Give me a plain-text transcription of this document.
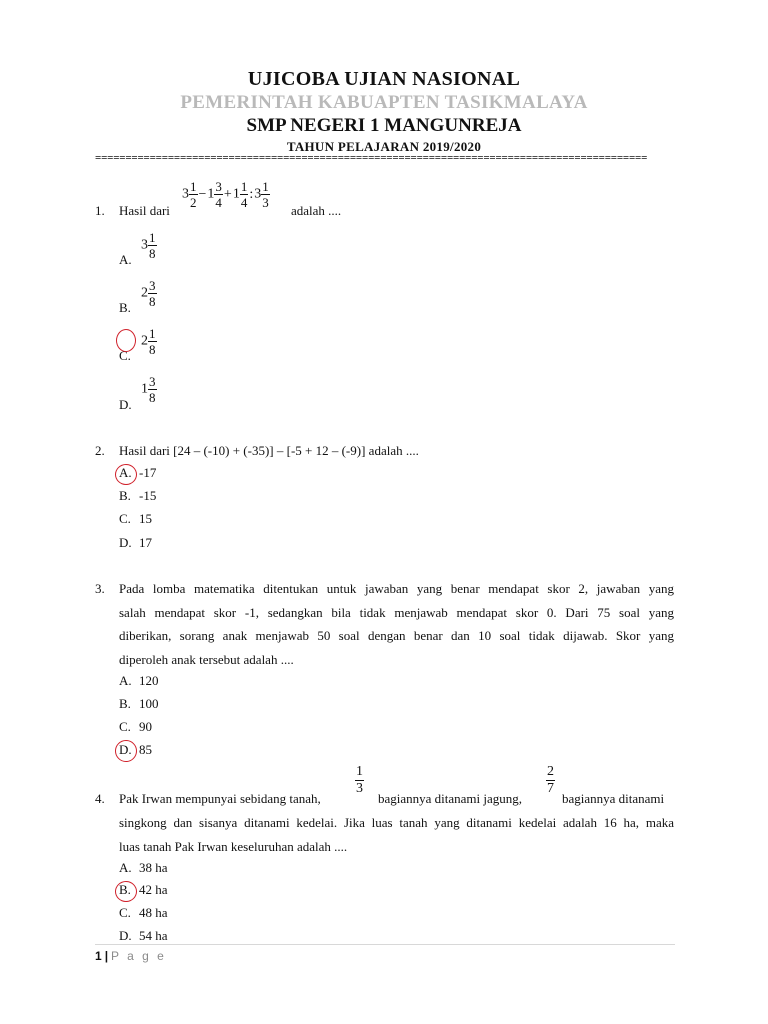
UJICOBA UJIAN NASIONAL
PEMERINTAH KABUAPTEN TASIKMALAYA
SMP NEGERI 1 MANGUNREJA
TAHUN PELAJARAN 2019/2020
===========================================================================================
1. Hasil dari
$3 \frac{1}{2} -1 \frac{3}{4} +1 \frac{1}{4}$ :3 $\frac{1}{3}$
adalah ....
A.
$3 \frac{1}{8}$
B.
$2 \frac{3}{8}$
C.
$2 \frac{1}{8}$
D.
$1 \frac{3}{8}$
2. Hasil dari [24 – (-10) + (-35)] – [-5 + 12 – (-9)] adalah ....
A. -17
B. -15
C. 15
D. 17
3. Pada lomba matematika ditentukan untuk jawaban yang benar mendapat skor 2, jawaban yang
salah mendapat skor -1, sedangkan bila tidak menjawab mendapat skor 0. Dari 75 soal yang
diberikan, sorang anak menjawab 50 soal dengan benar dan 10 soal tidak dijawab. Skor yang
diperoleh anak tersebut adalah ....
A. 120
B. 100
C. 90
D. 85
4. Pak Irwan mempunyai sebidang tanah,
$\frac{1}{3}$
bagiannya ditanami jagung,
$\frac{2}{7}$
bagiannya ditanami
singkong dan sisanya ditanami kedelai. Jika luas tanah yang ditanami kedelai adalah 16 ha, maka
luas tanah Pak Irwan keseluruhan adalah ....
A. 38 ha
B. 42 ha
C. 48 ha
D. 54 ha
1 | P a g e
